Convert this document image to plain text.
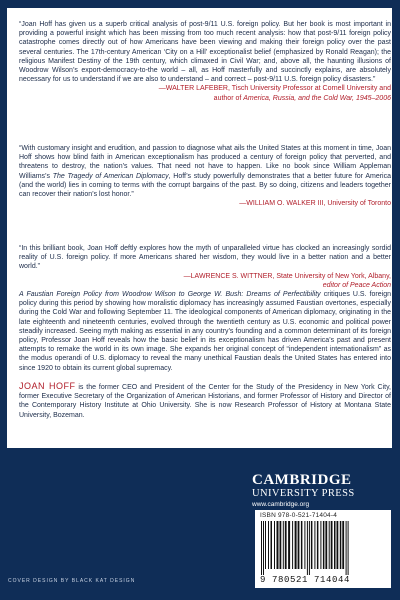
“Joan Hoff has given us a superb critical analysis of post-9/11 U.S. foreign policy. But her book is most important in providing a powerful insight which has been missing from too much recent analysis: how that post-9/11 foreign policy catastrophe comes directly out of how Americans have been viewing and making their foreign policy over the past several centuries. The 17th-century American ‘City on a Hill’ exceptionalist belief (emphasized by Ronald Reagan); the religious Manifest Destiny of the 19th century, which climaxed in Civil War; and, above all, the haunting illusions of Woodrow Wilson’s export-democracy-to-the world – all, as Hoff masterfully and succinctly explains, are absolutely necessary for us to understand if we are also to understand – and correct – post-9/11 U.S. foreign policy disasters.”
—WALTER LAFEBER, Tisch University Professor at Cornell University and
author of America, Russia, and the Cold War, 1945–2006
“With customary insight and erudition, and passion to diagnose what ails the United States at this moment in time, Joan Hoff shows how blind faith in American exceptionalism has produced a century of foreign policy that perverted, and threatens to destroy, the nation’s values. That need not have to happen. Like no book since William Appleman Williams’s The Tragedy of American Diplomacy, Hoff’s study powerfully demonstrates that a better future for America (and the world) lies in coming to terms with the corrupt bargains of the past. By so doing, citizens and leaders together can recover their nation’s lost honor.”
—WILLIAM O. WALKER III, University of Toronto
“In this brilliant book, Joan Hoff deftly explores how the myth of unparalleled virtue has clocked an increasingly sordid reality of U.S. foreign policy. If more Americans shared her wisdom, they would live in a better nation and a better world.”
—LAWRENCE S. WITTNER, State University of New York, Albany,
editor of Peace Action
A Faustian Foreign Policy from Woodrow Wilson to George W. Bush: Dreams of Perfectibility critiques U.S. foreign policy during this period by showing how moralistic diplomacy has increasingly assumed Faustian overtones, especially during the Cold War and following September 11. The ideological components of American diplomacy, originating in the late eighteenth and nineteenth centuries, evolved through the twentieth century as U.S. economic and political power steadily increased. Seeing myth making as essential in any country’s founding and a common determinant of its foreign policy, Professor Joan Hoff reveals how the basic belief in its exceptionalism has driven America’s past and present attempts to remake the world in its own image. She expands her original concept of “independent internationalism” as the modus operandi of U.S. diplomacy to reveal the many unethical Faustian deals the United States has entered into since 1920 to obtain its current global supremacy.
JOAN HOFF is the former CEO and President of the Center for the Study of the Presidency in New York City, former Executive Secretary of the Organization of American Historians, and former Professor of History and Director of the Contemporary History Institute at Ohio University. She is now Research Professor of History at Montana State University, Bozeman.
CAMBRIDGE
UNIVERSITY PRESS
www.cambridge.org
ISBN 978-0-521-71404-4
9 780521 714044
COVER DESIGN BY BLACK KAT DESIGN
